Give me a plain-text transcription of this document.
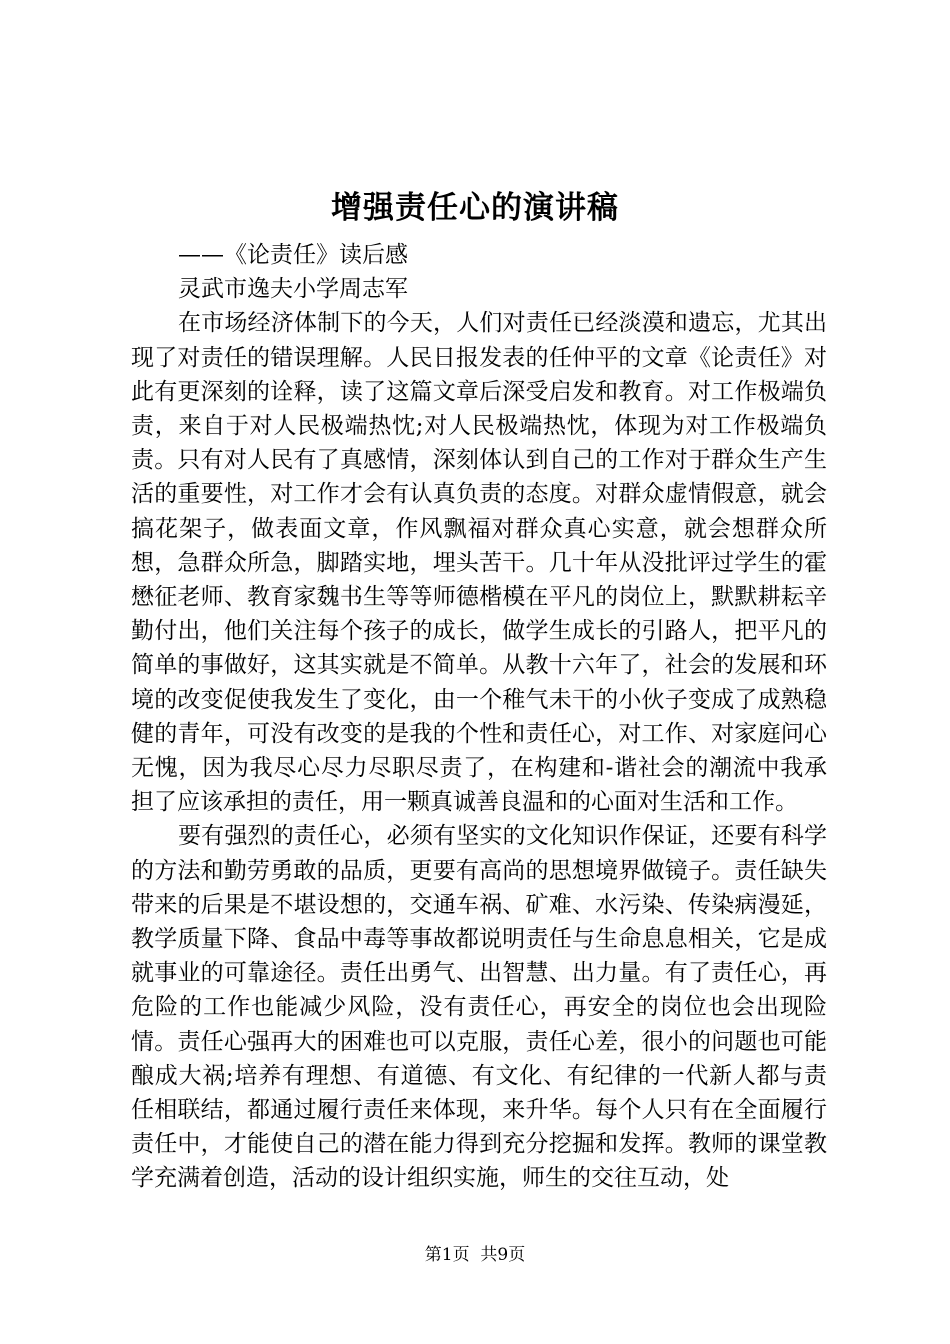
增强责任心的演讲稿

——《论责任》读后感

灵武市逸夫小学周志军

在市场经济体制下的今天，人们对责任已经淡漠和遗忘，尤其出现了对责任的错误理解。人民日报发表的任仲平的文章《论责任》对此有更深刻的诠释，读了这篇文章后深受启发和教育。对工作极端负责，来自于对人民极端热忱;对人民极端热忱，体现为对工作极端负责。只有对人民有了真感情，深刻体认到自己的工作对于群众生产生活的重要性，对工作才会有认真负责的态度。对群众虚情假意，就会搞花架子，做表面文章，作风飘福对群众真心实意，就会想群众所想，急群众所急，脚踏实地，埋头苦干。几十年从没批评过学生的霍懋征老师、教育家魏书生等等师德楷模在平凡的岗位上，默默耕耘辛勤付出，他们关注每个孩子的成长，做学生成长的引路人，把平凡的简单的事做好，这其实就是不简单。从教十六年了，社会的发展和环境的改变促使我发生了变化，由一个稚气未干的小伙子变成了成熟稳健的青年，可没有改变的是我的个性和责任心，对工作、对家庭问心无愧，因为我尽心尽力尽职尽责了，在构建和-谐社会的潮流中我承担了应该承担的责任，用一颗真诚善良温和的心面对生活和工作。

要有强烈的责任心，必须有坚实的文化知识作保证，还要有科学的方法和勤劳勇敢的品质，更要有高尚的思想境界做镜子。责任缺失带来的后果是不堪设想的，交通车祸、矿难、水污染、传染病漫延，教学质量下降、食品中毒等事故都说明责任与生命息息相关，它是成就事业的可靠途径。责任出勇气、出智慧、出力量。有了责任心，再危险的工作也能减少风险，没有责任心，再安全的岗位也会出现险情。责任心强再大的困难也可以克服，责任心差，很小的问题也可能酿成大祸;培养有理想、有道德、有文化、有纪律的一代新人都与责任相联结，都通过履行责任来体现，来升华。每个人只有在全面履行责任中，才能使自己的潜在能力得到充分挖掘和发挥。教师的课堂教学充满着创造，活动的设计组织实施，师生的交往互动，处

第1页  共9页
